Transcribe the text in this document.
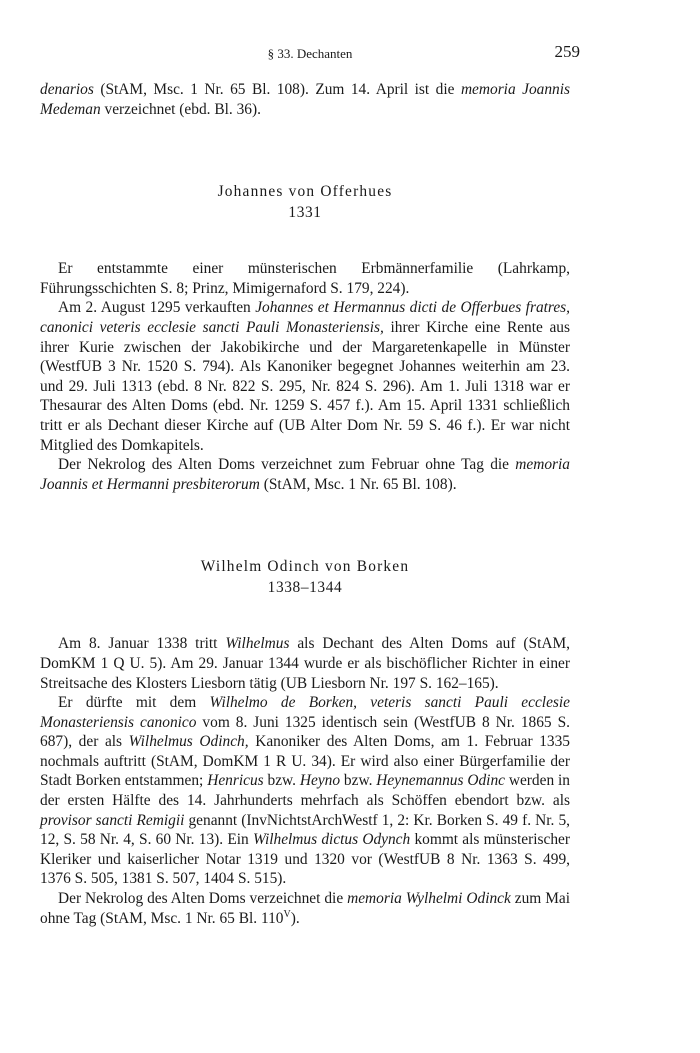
§ 33. Dechanten	259

denarios (StAM, Msc. 1 Nr. 65 Bl. 108). Zum 14. April ist die memoria Joannis Medeman verzeichnet (ebd. Bl. 36).

Johannes von Offerhues
1331

Er entstammte einer münsterischen Erbmännerfamilie (Lahrkamp, Führungsschichten S. 8; Prinz, Mimigernaford S. 179, 224).

Am 2. August 1295 verkauften Johannes et Hermannus dicti de Offerbues fratres, canonici veteris ecclesie sancti Pauli Monasteriensis, ihrer Kirche eine Rente aus ihrer Kurie zwischen der Jakobikirche und der Margaretenkapelle in Münster (WestfUB 3 Nr. 1520 S. 794). Als Kanoniker begegnet Johannes weiterhin am 23. und 29. Juli 1313 (ebd. 8 Nr. 822 S. 295, Nr. 824 S. 296). Am 1. Juli 1318 war er Thesaurar des Alten Doms (ebd. Nr. 1259 S. 457 f.). Am 15. April 1331 schließlich tritt er als Dechant dieser Kirche auf (UB Alter Dom Nr. 59 S. 46 f.). Er war nicht Mitglied des Domkapitels.

Der Nekrolog des Alten Doms verzeichnet zum Februar ohne Tag die memoria Joannis et Hermanni presbiterorum (StAM, Msc. 1 Nr. 65 Bl. 108).

Wilhelm Odinch von Borken
1338–1344

Am 8. Januar 1338 tritt Wilhelmus als Dechant des Alten Doms auf (StAM, DomKM 1 Q U. 5). Am 29. Januar 1344 wurde er als bischöflicher Richter in einer Streitsache des Klosters Liesborn tätig (UB Liesborn Nr. 197 S. 162–165).

Er dürfte mit dem Wilhelmo de Borken, veteris sancti Pauli ecclesie Monasteriensis canonico vom 8. Juni 1325 identisch sein (WestfUB 8 Nr. 1865 S. 687), der als Wilhelmus Odinch, Kanoniker des Alten Doms, am 1. Februar 1335 nochmals auftritt (StAM, DomKM 1 R U. 34). Er wird also einer Bürgerfamilie der Stadt Borken entstammen; Henricus bzw. Heyno bzw. Heynemannus Odinc werden in der ersten Hälfte des 14. Jahrhunderts mehrfach als Schöffen ebendort bzw. als provisor sancti Remigii genannt (InvNichtstArchWestf 1, 2: Kr. Borken S. 49 f. Nr. 5, 12, S. 58 Nr. 4, S. 60 Nr. 13). Ein Wilhelmus dictus Odynch kommt als münsterischer Kleriker und kaiserlicher Notar 1319 und 1320 vor (WestfUB 8 Nr. 1363 S. 499, 1376 S. 505, 1381 S. 507, 1404 S. 515).

Der Nekrolog des Alten Doms verzeichnet die memoria Wylhelmi Odinck zum Mai ohne Tag (StAM, Msc. 1 Nr. 65 Bl. $110^V$).
